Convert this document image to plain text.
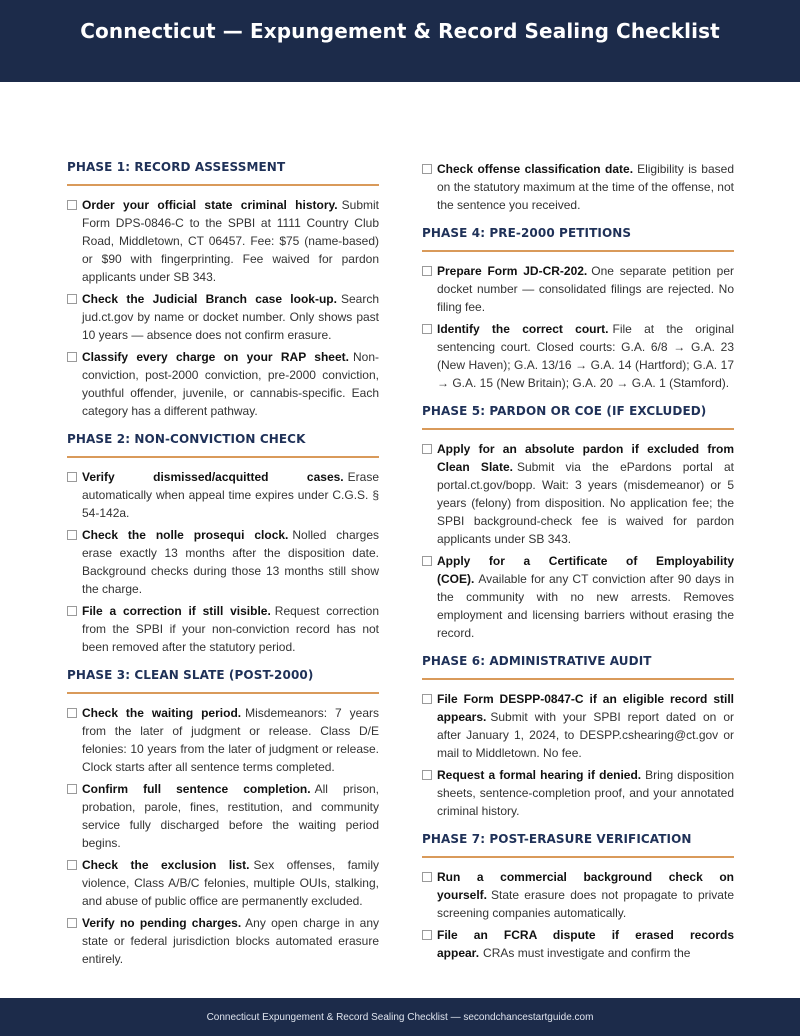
Connecticut — Expungement & Record Sealing Checklist
PHASE 1: RECORD ASSESSMENT
Order your official state criminal history. Submit Form DPS-0846-C to the SPBI at 1111 Country Club Road, Middletown, CT 06457. Fee: $75 (name-based) or $90 with fingerprinting. Fee waived for pardon applicants under SB 343.
Check the Judicial Branch case look-up. Search jud.ct.gov by name or docket number. Only shows past 10 years — absence does not confirm erasure.
Classify every charge on your RAP sheet. Non-conviction, post-2000 conviction, pre-2000 conviction, youthful offender, juvenile, or cannabis-specific. Each category has a different pathway.
PHASE 2: NON-CONVICTION CHECK
Verify dismissed/acquitted cases. Erase automatically when appeal time expires under C.G.S. § 54-142a.
Check the nolle prosequi clock. Nolled charges erase exactly 13 months after the disposition date. Background checks during those 13 months still show the charge.
File a correction if still visible. Request correction from the SPBI if your non-conviction record has not been removed after the statutory period.
PHASE 3: CLEAN SLATE (POST-2000)
Check the waiting period. Misdemeanors: 7 years from the later of judgment or release. Class D/E felonies: 10 years from the later of judgment or release. Clock starts after all sentence terms completed.
Confirm full sentence completion. All prison, probation, parole, fines, restitution, and community service fully discharged before the waiting period begins.
Check the exclusion list. Sex offenses, family violence, Class A/B/C felonies, multiple OUIs, stalking, and abuse of public office are permanently excluded.
Verify no pending charges. Any open charge in any state or federal jurisdiction blocks automated erasure entirely.
Check offense classification date. Eligibility is based on the statutory maximum at the time of the offense, not the sentence you received.
PHASE 4: PRE-2000 PETITIONS
Prepare Form JD-CR-202. One separate petition per docket number — consolidated filings are rejected. No filing fee.
Identify the correct court. File at the original sentencing court. Closed courts: G.A. 6/8 → G.A. 23 (New Haven); G.A. 13/16 → G.A. 14 (Hartford); G.A. 17 → G.A. 15 (New Britain); G.A. 20 → G.A. 1 (Stamford).
PHASE 5: PARDON OR COE (IF EXCLUDED)
Apply for an absolute pardon if excluded from Clean Slate. Submit via the ePardons portal at portal.ct.gov/bopp. Wait: 3 years (misdemeanor) or 5 years (felony) from disposition. No application fee; the SPBI background-check fee is waived for pardon applicants under SB 343.
Apply for a Certificate of Employability (COE). Available for any CT conviction after 90 days in the community with no new arrests. Removes employment and licensing barriers without erasing the record.
PHASE 6: ADMINISTRATIVE AUDIT
File Form DESPP-0847-C if an eligible record still appears. Submit with your SPBI report dated on or after January 1, 2024, to DESPP.cshearing@ct.gov or mail to Middletown. No fee.
Request a formal hearing if denied. Bring disposition sheets, sentence-completion proof, and your annotated criminal history.
PHASE 7: POST-ERASURE VERIFICATION
Run a commercial background check on yourself. State erasure does not propagate to private screening companies automatically.
File an FCRA dispute if erased records appear. CRAs must investigate and confirm the
Connecticut Expungement & Record Sealing Checklist — secondchancestartguide.com
